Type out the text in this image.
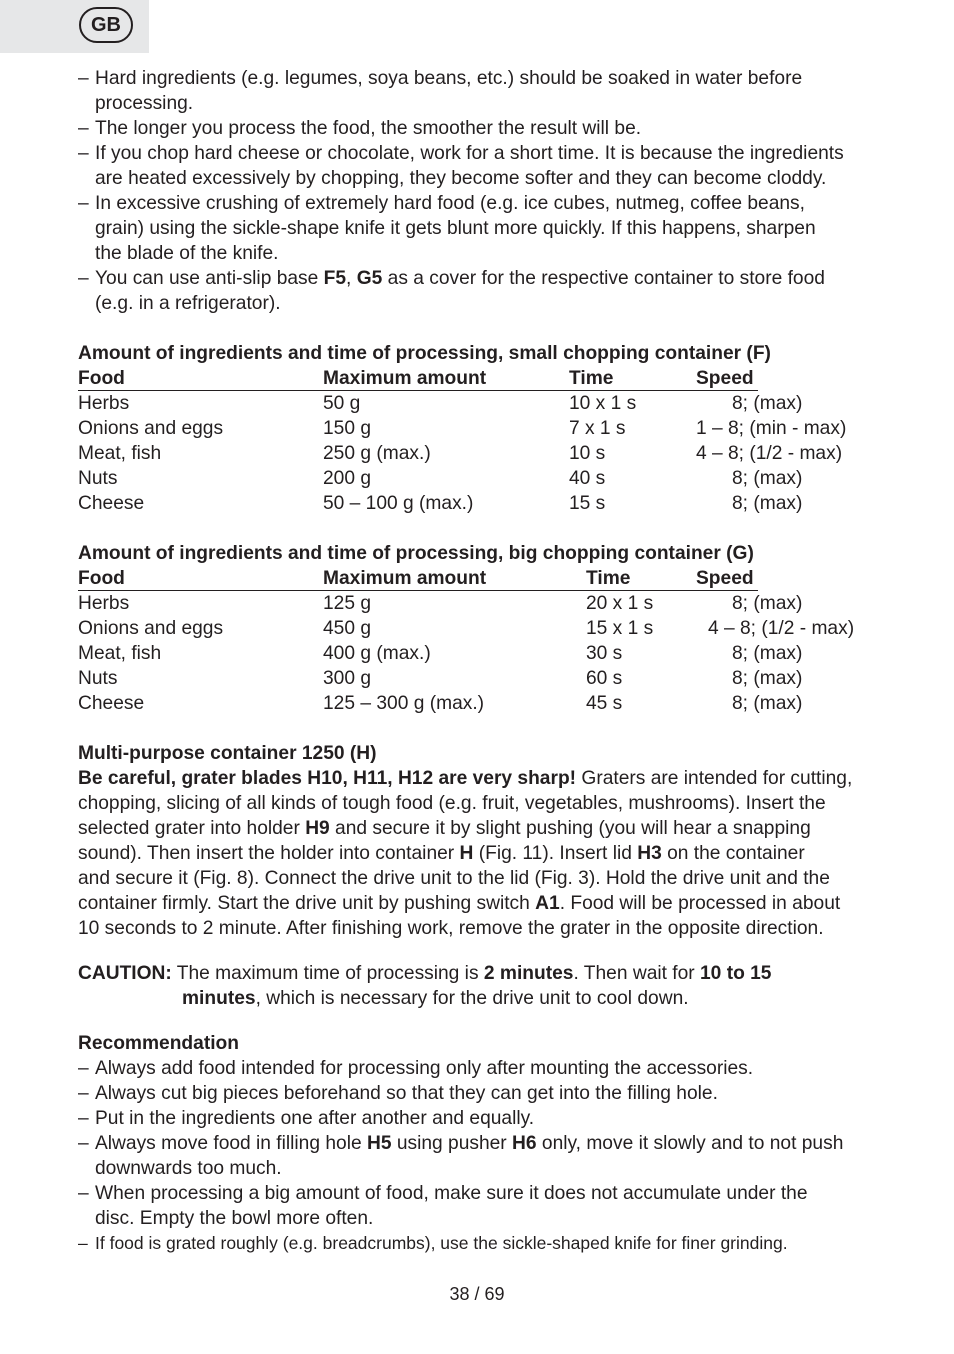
GB
– Hard ingredients (e.g. legumes, soya beans, etc.) should be soaked in water before
processing.
– The longer you process the food, the smoother the result will be.
– If you chop hard cheese or chocolate, work for a short time. It is because the ingredients
are heated excessively by chopping, they become softer and they can become cloddy.
– In excessive crushing of extremely hard food (e.g. ice cubes, nutmeg, coffee beans,
grain) using the sickle-shape knife it gets blunt more quickly. If this happens, sharpen
the blade of the knife.
– You can use anti-slip base F5, G5 as a cover for the respective container to store food
(e.g. in a refrigerator).
Amount of ingredients and time of processing, small chopping container (F)
Food	Maximum amount	Time	Speed
Herbs	50 g	10 x 1 s	8; (max)
Onions and eggs	150 g	7 x 1 s	1 – 8; (min - max)
Meat, fish	250 g (max.)	10 s	4 – 8; (1/2 - max)
Nuts	200 g	40 s	8; (max)
Cheese	50 – 100 g (max.)	15 s	8; (max)
Amount of ingredients and time of processing, big chopping container (G)
Food	Maximum amount	Time	Speed
Herbs	125 g	20 x 1 s	8; (max)
Onions and eggs	450 g	15 x 1 s	4 – 8; (1/2 - max)
Meat, fish	400 g (max.)	30 s	8; (max)
Nuts	300 g	60 s	8; (max)
Cheese	125 – 300 g (max.)	45 s	8; (max)
Multi-purpose container 1250 (H)

Be careful, grater blades H10, H11, H12 are very sharp! Graters are intended for cutting,
chopping, slicing of all kinds of tough food (e.g. fruit, vegetables, mushrooms). Insert the
selected grater into holder H9 and secure it by slight pushing (you will hear a snapping
sound). Then insert the holder into container H (Fig. 11). Insert lid H3 on the container
and secure it (Fig. 8). Connect the drive unit to the lid (Fig. 3). Hold the drive unit and the
container firmly. Start the drive unit by pushing switch A1. Food will be processed in about
10 seconds to 2 minute. After finishing work, remove the grater in the opposite direction.

CAUTION: The maximum time of processing is 2 minutes. Then wait for 10 to 15
minutes, which is necessary for the drive unit to cool down.
Recommendation
– Always add food intended for processing only after mounting the accessories.
– Always cut big pieces beforehand so that they can get into the filling hole.
– Put in the ingredients one after another and equally.
– Always move food in filling hole H5 using pusher H6 only, move it slowly and to not push
downwards too much.
– When processing a big amount of food, make sure it does not accumulate under the
disc. Empty the bowl more often.
– If food is grated roughly (e.g. breadcrumbs), use the sickle-shaped knife for finer grinding.
38 / 69
